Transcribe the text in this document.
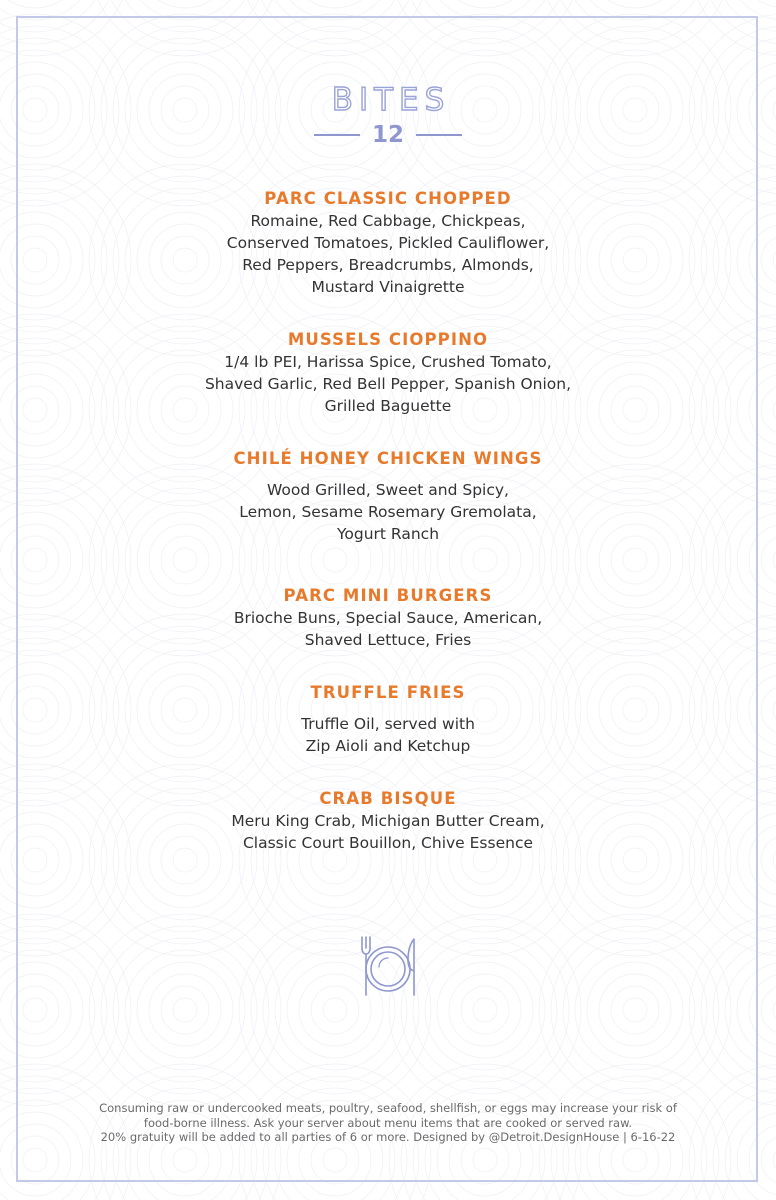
BITES
12

PARC CLASSIC CHOPPED

Romaine, Red Cabbage, Chickpeas,
Conserved Tomatoes, Pickled Cauliflower,
Red Peppers, Breadcrumbs, Almonds,
Mustard Vinaigrette

MUSSELS CIOPPINO

1/4 lb PEI, Harissa Spice, Crushed Tomato,
Shaved Garlic, Red Bell Pepper, Spanish Onion,
Grilled Baguette

CHILÉ HONEY CHICKEN WINGS

Wood Grilled, Sweet and Spicy,
Lemon, Sesame Rosemary Gremolata,
Yogurt Ranch

PARC MINI BURGERS

Brioche Buns, Special Sauce, American,
Shaved Lettuce, Fries

TRUFFLE FRIES

Truffle Oil, served with
Zip Aioli and Ketchup

CRAB BISQUE

Meru King Crab, Michigan Butter Cream,
Classic Court Bouillon, Chive Essence

Consuming raw or undercooked meats, poultry, seafood, shellfish, or eggs may increase your risk of
food-borne illness. Ask your server about menu items that are cooked or served raw.
20% gratuity will be added to all parties of 6 or more. Designed by @Detroit.DesignHouse | 6-16-22
